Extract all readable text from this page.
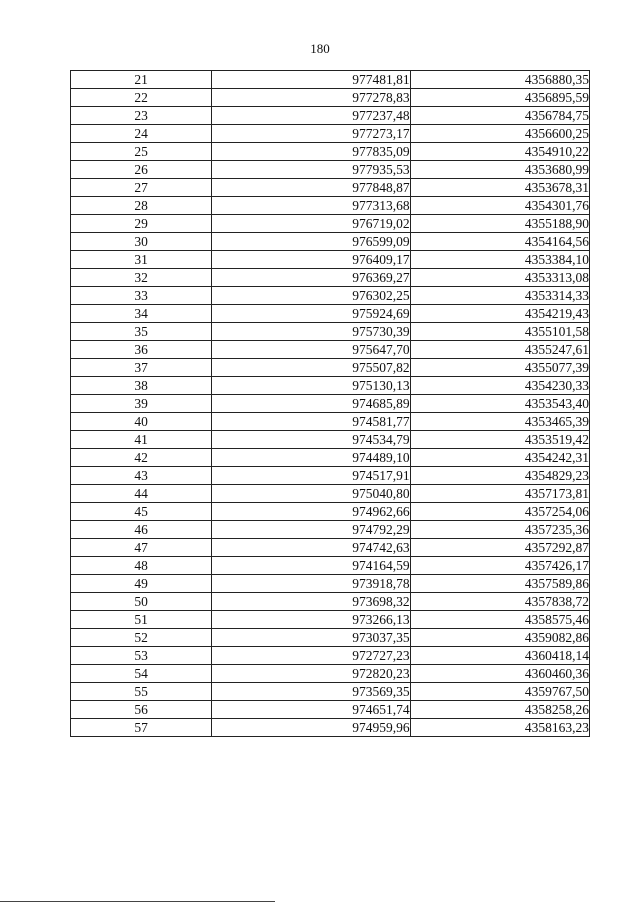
180
21	977481,81	4356880,35
22	977278,83	4356895,59
23	977237,48	4356784,75
24	977273,17	4356600,25
25	977835,09	4354910,22
26	977935,53	4353680,99
27	977848,87	4353678,31
28	977313,68	4354301,76
29	976719,02	4355188,90
30	976599,09	4354164,56
31	976409,17	4353384,10
32	976369,27	4353313,08
33	976302,25	4353314,33
34	975924,69	4354219,43
35	975730,39	4355101,58
36	975647,70	4355247,61
37	975507,82	4355077,39
38	975130,13	4354230,33
39	974685,89	4353543,40
40	974581,77	4353465,39
41	974534,79	4353519,42
42	974489,10	4354242,31
43	974517,91	4354829,23
44	975040,80	4357173,81
45	974962,66	4357254,06
46	974792,29	4357235,36
47	974742,63	4357292,87
48	974164,59	4357426,17
49	973918,78	4357589,86
50	973698,32	4357838,72
51	973266,13	4358575,46
52	973037,35	4359082,86
53	972727,23	4360418,14
54	972820,23	4360460,36
55	973569,35	4359767,50
56	974651,74	4358258,26
57	974959,96	4358163,23
